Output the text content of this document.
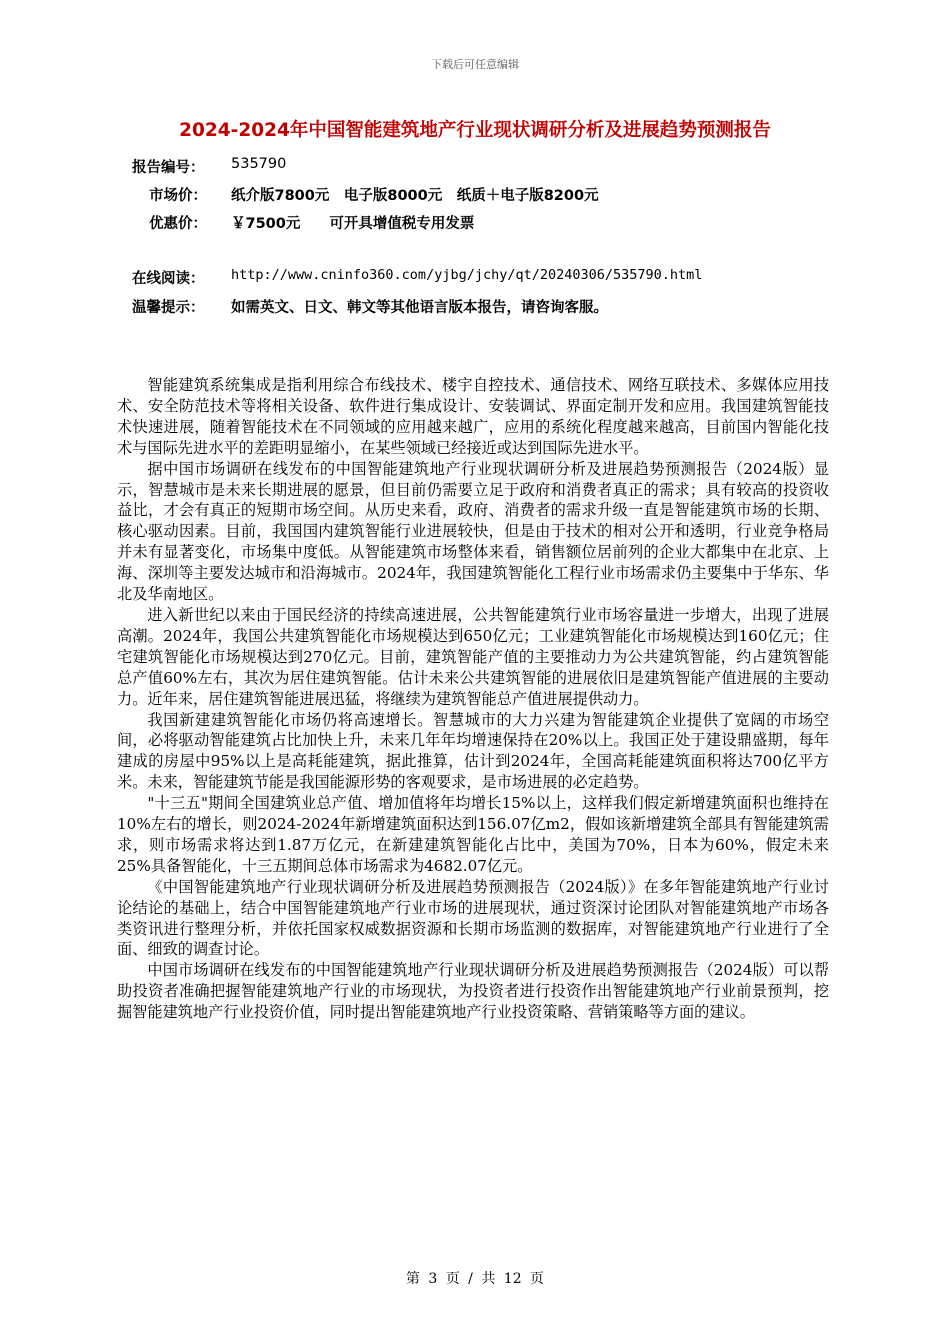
下载后可任意编辑
2024-2024年中国智能建筑地产行业现状调研分析及进展趋势预测报告
报告编号： 535790
市场价： 纸介版7800元　电子版8000元　纸质＋电子版8200元
优惠价： ￥7500元　　可开具增值税专用发票
在线阅读： http://www.cninfo360.com/yjbg/jchy/qt/20240306/535790.html
温馨提示： 如需英文、日文、韩文等其他语言版本报告，请咨询客服。

智能建筑系统集成是指利用综合布线技术、楼宇自控技术、通信技术、网络互联技术、多媒体应用技术、安全防范技术等将相关设备、软件进行集成设计、安装调试、界面定制开发和应用。我国建筑智能技术快速进展，随着智能技术在不同领域的应用越来越广，应用的系统化程度越来越高，目前国内智能化技术与国际先进水平的差距明显缩小，在某些领域已经接近或达到国际先进水平。

据中国市场调研在线发布的中国智能建筑地产行业现状调研分析及进展趋势预测报告（2024版）显示，智慧城市是未来长期进展的愿景，但目前仍需要立足于政府和消费者真正的需求；具有较高的投资收益比，才会有真正的短期市场空间。从历史来看，政府、消费者的需求升级一直是智能建筑市场的长期、核心驱动因素。目前，我国国内建筑智能行业进展较快，但是由于技术的相对公开和透明，行业竞争格局并未有显著变化，市场集中度低。从智能建筑市场整体来看，销售额位居前列的企业大都集中在北京、上海、深圳等主要发达城市和沿海城市。2024年，我国建筑智能化工程行业市场需求仍主要集中于华东、华北及华南地区。

进入新世纪以来由于国民经济的持续高速进展，公共智能建筑行业市场容量进一步增大，出现了进展高潮。2024年，我国公共建筑智能化市场规模达到650亿元；工业建筑智能化市场规模达到160亿元；住宅建筑智能化市场规模达到270亿元。目前，建筑智能产值的主要推动力为公共建筑智能，约占建筑智能总产值60%左右，其次为居住建筑智能。估计未来公共建筑智能的进展依旧是建筑智能产值进展的主要动力。近年来，居住建筑智能进展迅猛，将继续为建筑智能总产值进展提供动力。

我国新建建筑智能化市场仍将高速增长。智慧城市的大力兴建为智能建筑企业提供了宽阔的市场空间，必将驱动智能建筑占比加快上升，未来几年年均增速保持在20%以上。我国正处于建设鼎盛期，每年建成的房屋中95%以上是高耗能建筑，据此推算，估计到2024年，全国高耗能建筑面积将达700亿平方米。未来，智能建筑节能是我国能源形势的客观要求，是市场进展的必定趋势。

"十三五"期间全国建筑业总产值、增加值将年均增长15%以上，这样我们假定新增建筑面积也维持在10%左右的增长，则2024-2024年新增建筑面积达到156.07亿m2，假如该新增建筑全部具有智能建筑需求，则市场需求将达到1.87万亿元，在新建建筑智能化占比中，美国为70%，日本为60%，假定未来25%具备智能化，十三五期间总体市场需求为4682.07亿元。

《中国智能建筑地产行业现状调研分析及进展趋势预测报告（2024版）》在多年智能建筑地产行业讨论结论的基础上，结合中国智能建筑地产行业市场的进展现状，通过资深讨论团队对智能建筑地产市场各类资讯进行整理分析，并依托国家权威数据资源和长期市场监测的数据库，对智能建筑地产行业进行了全面、细致的调查讨论。

中国市场调研在线发布的中国智能建筑地产行业现状调研分析及进展趋势预测报告（2024版）可以帮助投资者准确把握智能建筑地产行业的市场现状，为投资者进行投资作出智能建筑地产行业前景预判，挖掘智能建筑地产行业投资价值，同时提出智能建筑地产行业投资策略、营销策略等方面的建议。

第 3 页 / 共 12 页
